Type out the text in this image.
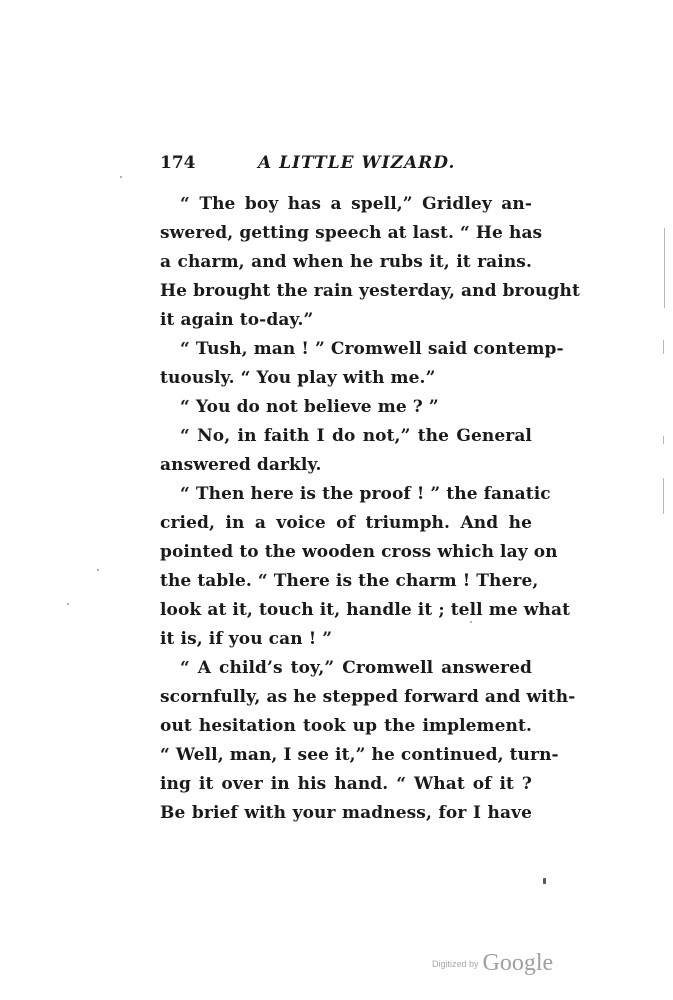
174	A LITTLE WIZARD.
“ The boy has a spell,” Gridley an-
swered, getting speech at last. “ He has
a charm, and when he rubs it, it rains.
He brought the rain yesterday, and brought
it again to-day.”
“ Tush, man ! ” Cromwell said contemp-
tuously. “ You play with me.”
“ You do not believe me ? ”
“ No, in faith I do not,” the General
answered darkly.
“ Then here is the proof ! ” the fanatic
cried, in a voice of triumph. And he
pointed to the wooden cross which lay on
the table. “ There is the charm ! There,
look at it, touch it, handle it ; tell me what
it is, if you can ! ”
“ A child’s toy,” Cromwell answered
scornfully, as he stepped forward and with-
out hesitation took up the implement.
“ Well, man, I see it,” he continued, turn-
ing it over in his hand. “ What of it ?
Be brief with your madness, for I have
Digitized by Google
